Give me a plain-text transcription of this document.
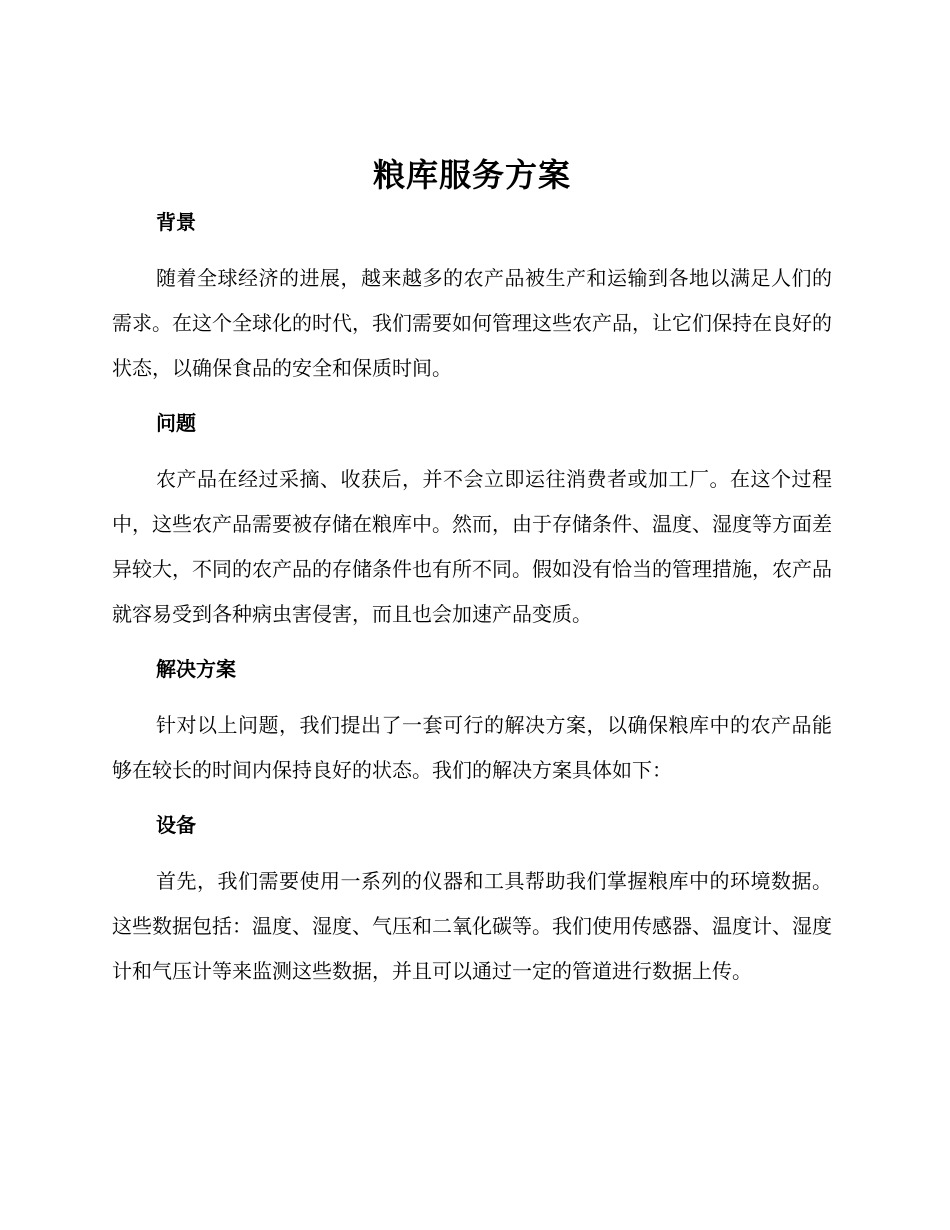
粮库服务方案
背景

随着全球经济的进展，越来越多的农产品被生产和运输到各地以满足人们的需求。在这个全球化的时代，我们需要如何管理这些农产品，让它们保持在良好的状态，以确保食品的安全和保质时间。

问题

农产品在经过采摘、收获后，并不会立即运往消费者或加工厂。在这个过程中，这些农产品需要被存储在粮库中。然而，由于存储条件、温度、湿度等方面差异较大，不同的农产品的存储条件也有所不同。假如没有恰当的管理措施，农产品就容易受到各种病虫害侵害，而且也会加速产品变质。

解决方案

针对以上问题，我们提出了一套可行的解决方案，以确保粮库中的农产品能够在较长的时间内保持良好的状态。我们的解决方案具体如下：

设备

首先，我们需要使用一系列的仪器和工具帮助我们掌握粮库中的环境数据。这些数据包括：温度、湿度、气压和二氧化碳等。我们使用传感器、温度计、湿度计和气压计等来监测这些数据，并且可以通过一定的管道进行数据上传。
